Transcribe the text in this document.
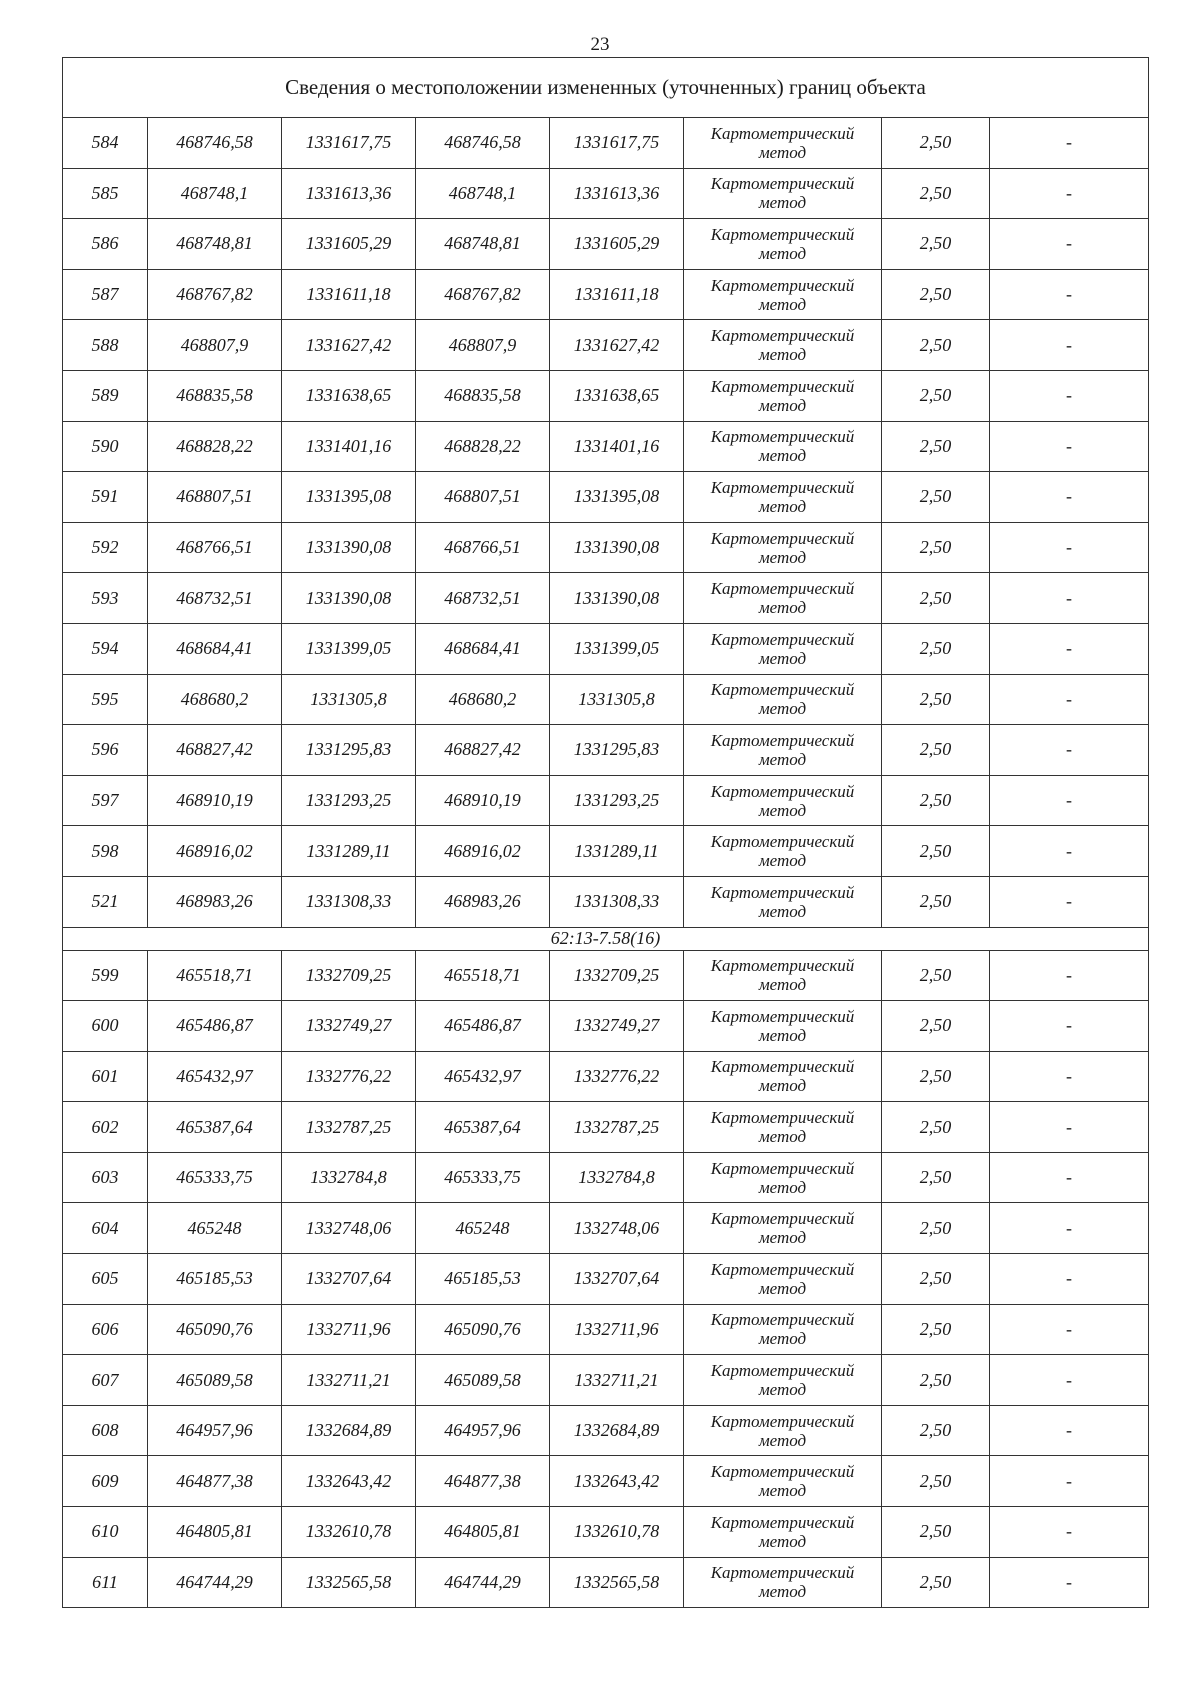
23
Сведения о местоположении измененных (уточненных) границ объекта							
584	468746,58	1331617,75	468746,58	1331617,75	Картометрический
метод	2,50	-
585	468748,1	1331613,36	468748,1	1331613,36	Картометрический
метод	2,50	-
586	468748,81	1331605,29	468748,81	1331605,29	Картометрический
метод	2,50	-
587	468767,82	1331611,18	468767,82	1331611,18	Картометрический
метод	2,50	-
588	468807,9	1331627,42	468807,9	1331627,42	Картометрический
метод	2,50	-
589	468835,58	1331638,65	468835,58	1331638,65	Картометрический
метод	2,50	-
590	468828,22	1331401,16	468828,22	1331401,16	Картометрический
метод	2,50	-
591	468807,51	1331395,08	468807,51	1331395,08	Картометрический
метод	2,50	-
592	468766,51	1331390,08	468766,51	1331390,08	Картометрический
метод	2,50	-
593	468732,51	1331390,08	468732,51	1331390,08	Картометрический
метод	2,50	-
594	468684,41	1331399,05	468684,41	1331399,05	Картометрический
метод	2,50	-
595	468680,2	1331305,8	468680,2	1331305,8	Картометрический
метод	2,50	-
596	468827,42	1331295,83	468827,42	1331295,83	Картометрический
метод	2,50	-
597	468910,19	1331293,25	468910,19	1331293,25	Картометрический
метод	2,50	-
598	468916,02	1331289,11	468916,02	1331289,11	Картометрический
метод	2,50	-
521	468983,26	1331308,33	468983,26	1331308,33	Картометрический
метод	2,50	-
62:13-7.58(16)							
599	465518,71	1332709,25	465518,71	1332709,25	Картометрический
метод	2,50	-
600	465486,87	1332749,27	465486,87	1332749,27	Картометрический
метод	2,50	-
601	465432,97	1332776,22	465432,97	1332776,22	Картометрический
метод	2,50	-
602	465387,64	1332787,25	465387,64	1332787,25	Картометрический
метод	2,50	-
603	465333,75	1332784,8	465333,75	1332784,8	Картометрический
метод	2,50	-
604	465248	1332748,06	465248	1332748,06	Картометрический
метод	2,50	-
605	465185,53	1332707,64	465185,53	1332707,64	Картометрический
метод	2,50	-
606	465090,76	1332711,96	465090,76	1332711,96	Картометрический
метод	2,50	-
607	465089,58	1332711,21	465089,58	1332711,21	Картометрический
метод	2,50	-
608	464957,96	1332684,89	464957,96	1332684,89	Картометрический
метод	2,50	-
609	464877,38	1332643,42	464877,38	1332643,42	Картометрический
метод	2,50	-
610	464805,81	1332610,78	464805,81	1332610,78	Картометрический
метод	2,50	-
611	464744,29	1332565,58	464744,29	1332565,58	Картометрический
метод	2,50	-
